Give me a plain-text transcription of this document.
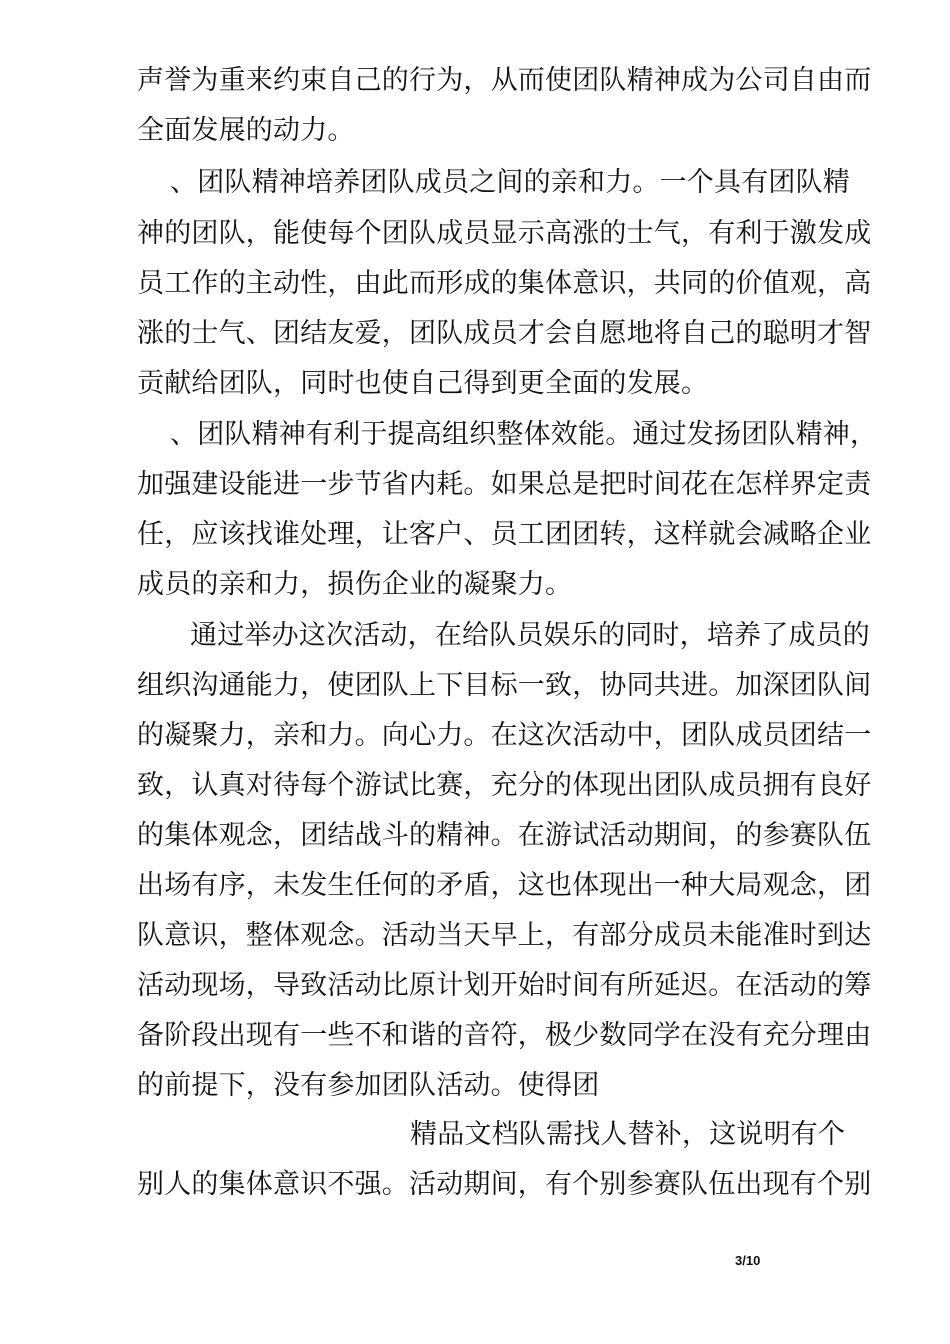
声誉为重来约束自己的行为，从而使团队精神成为公司自由而
全面发展的动力。
、团队精神培养团队成员之间的亲和力。一个具有团队精
神的团队，能使每个团队成员显示高涨的士气，有利于激发成
员工作的主动性，由此而形成的集体意识，共同的价值观，高
涨的士气、团结友爱，团队成员才会自愿地将自己的聪明才智
贡献给团队，同时也使自己得到更全面的发展。
、团队精神有利于提高组织整体效能。通过发扬团队精神，
加强建设能进一步节省内耗。如果总是把时间花在怎样界定责
任，应该找谁处理，让客户、员工团团转，这样就会减略企业
成员的亲和力，损伤企业的凝聚力。
通过举办这次活动，在给队员娱乐的同时，培养了成员的
组织沟通能力，使团队上下目标一致，协同共进。加深团队间
的凝聚力，亲和力。向心力。在这次活动中，团队成员团结一
致，认真对待每个游试比赛，充分的体现出团队成员拥有良好
的集体观念，团结战斗的精神。在游试活动期间，的参赛队伍
出场有序，未发生任何的矛盾，这也体现出一种大局观念，团
队意识，整体观念。活动当天早上，有部分成员未能准时到达
活动现场，导致活动比原计划开始时间有所延迟。在活动的筹
备阶段出现有一些不和谐的音符，极少数同学在没有充分理由
的前提下，没有参加团队活动。使得团
精品文档队需找人替补，这说明有个
别人的集体意识不强。活动期间，有个别参赛队伍出现有个别
3/10
